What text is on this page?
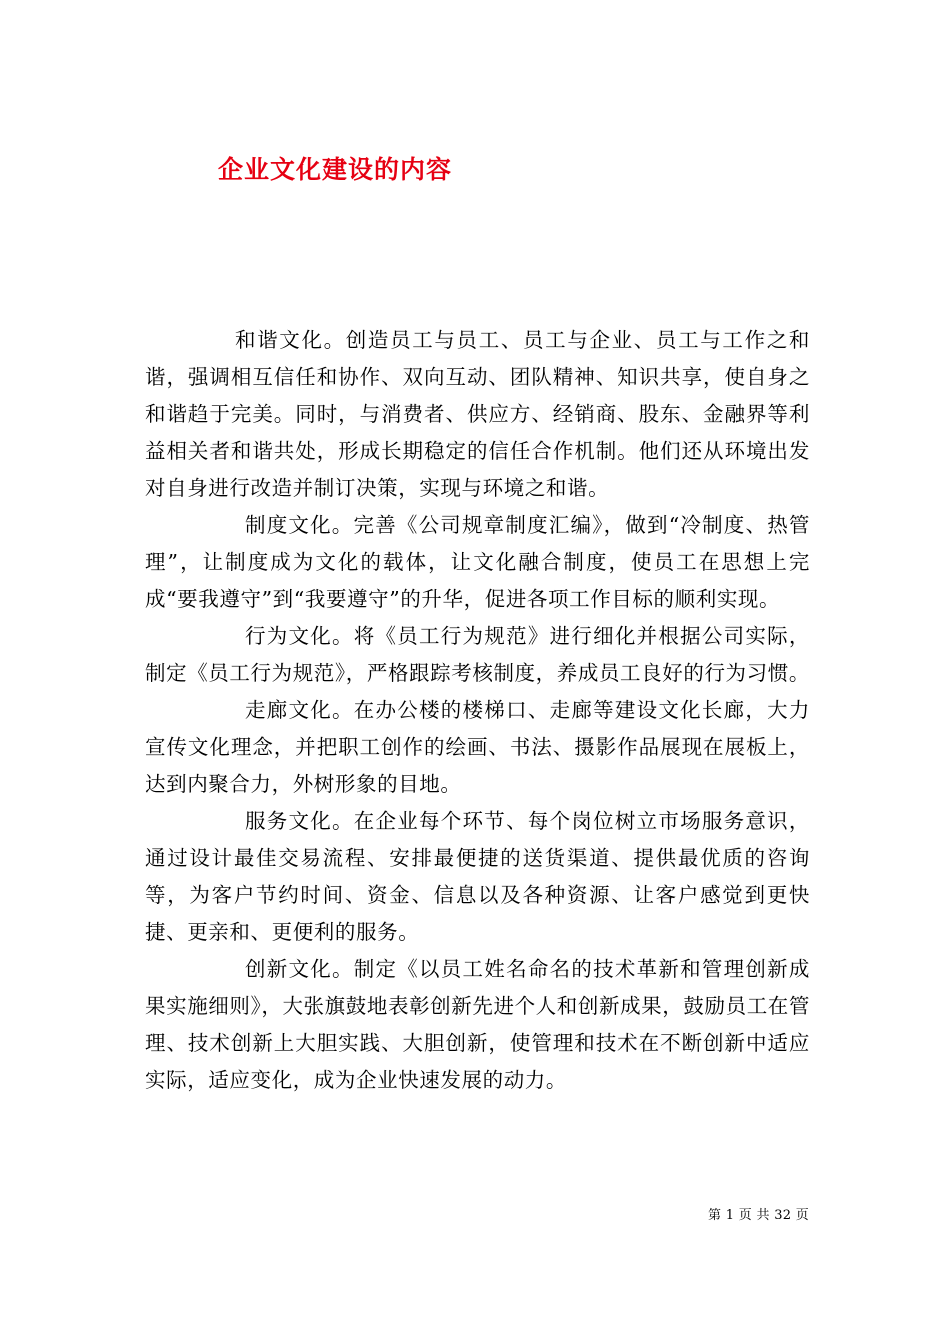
企业文化建设的内容

和谐文化。创造员工与员工、员工与企业、员工与工作之和谐，强调相互信任和协作、双向互动、团队精神、知识共享，使自身之和谐趋于完美。同时，与消费者、供应方、经销商、股东、金融界等利益相关者和谐共处，形成长期稳定的信任合作机制。他们还从环境出发对自身进行改造并制订决策，实现与环境之和谐。

制度文化。完善《公司规章制度汇编》，做到“冷制度、热管理”，让制度成为文化的载体，让文化融合制度，使员工在思想上完成“要我遵守”到“我要遵守”的升华，促进各项工作目标的顺利实现。

行为文化。将《员工行为规范》进行细化并根据公司实际，制定《员工行为规范》，严格跟踪考核制度，养成员工良好的行为习惯。

走廊文化。在办公楼的楼梯口、走廊等建设文化长廊，大力宣传文化理念，并把职工创作的绘画、书法、摄影作品展现在展板上，达到内聚合力，外树形象的目地。

服务文化。在企业每个环节、每个岗位树立市场服务意识，通过设计最佳交易流程、安排最便捷的送货渠道、提供最优质的咨询等，为客户节约时间、资金、信息以及各种资源、让客户感觉到更快捷、更亲和、更便利的服务。

创新文化。制定《以员工姓名命名的技术革新和管理创新成果实施细则》，大张旗鼓地表彰创新先进个人和创新成果，鼓励员工在管理、技术创新上大胆实践、大胆创新，使管理和技术在不断创新中适应实际，适应变化，成为企业快速发展的动力。

第 1 页 共 32 页
